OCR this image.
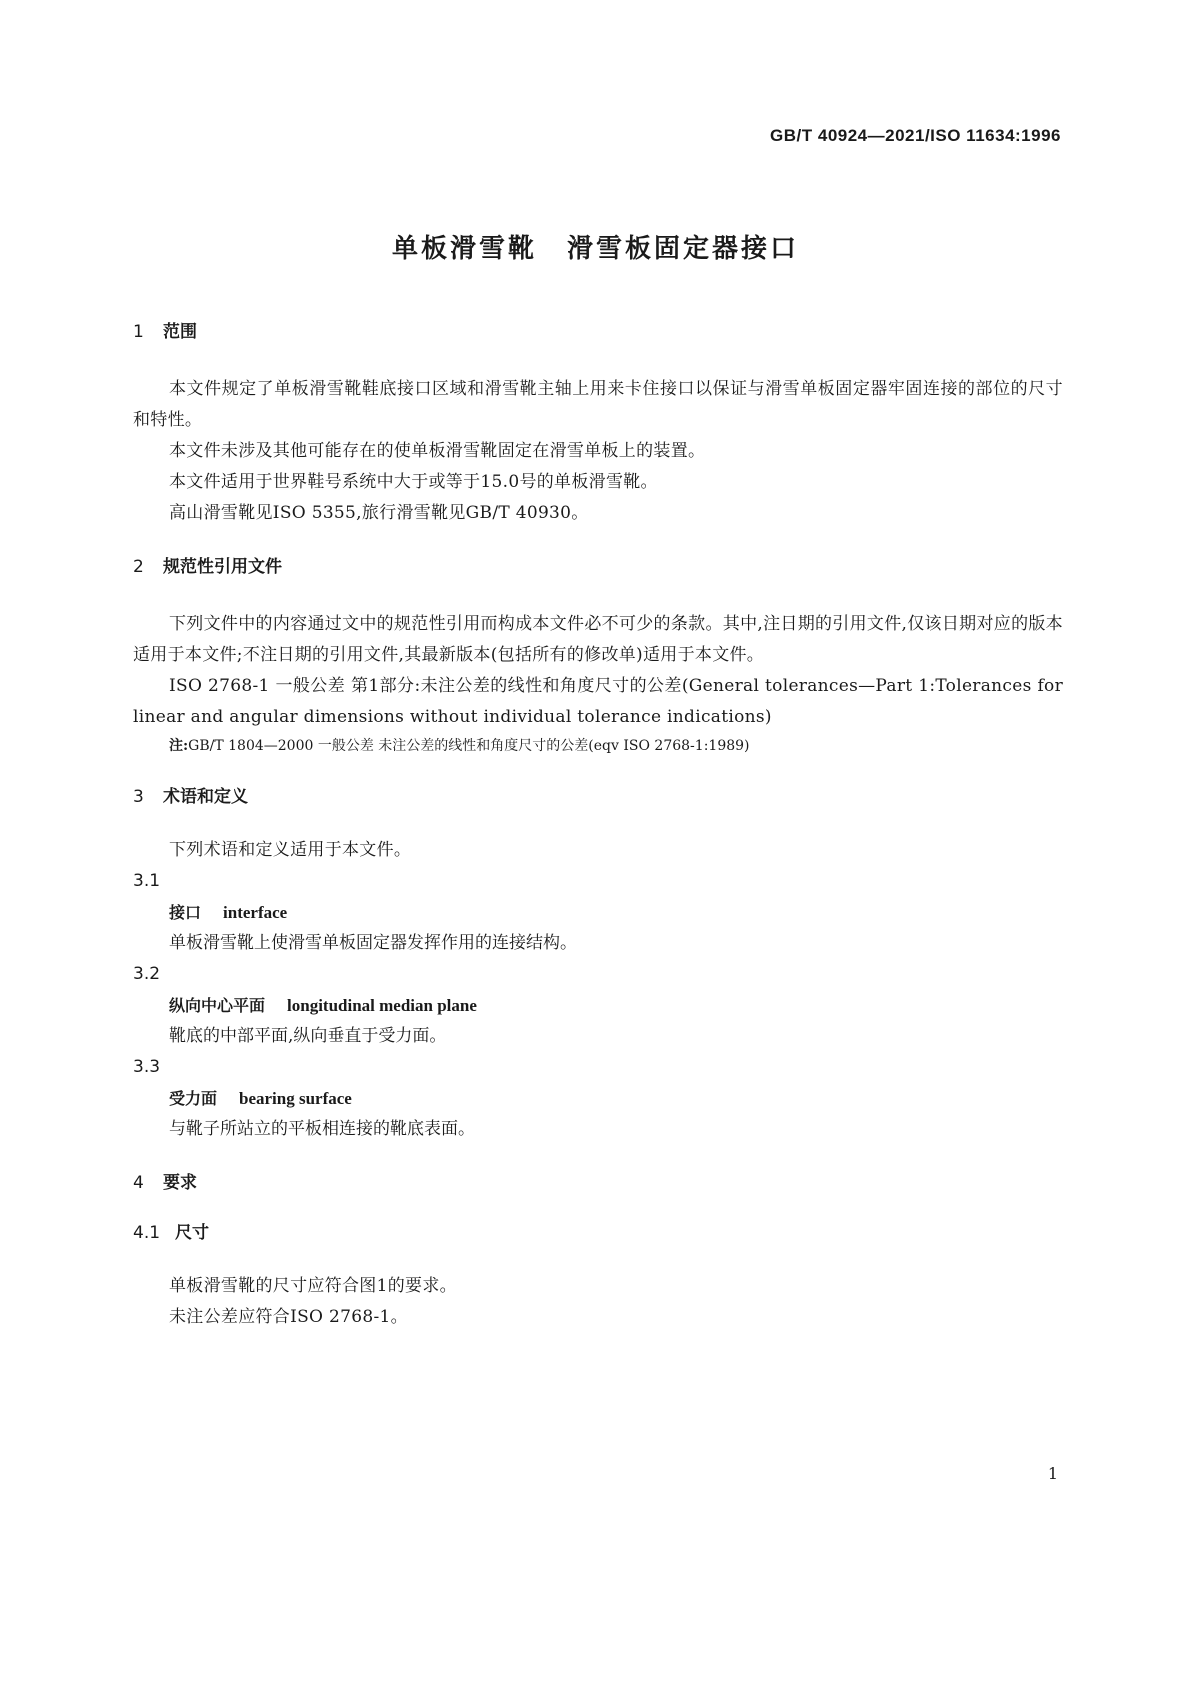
GB/T 40924—2021/ISO 11634:1996
单板滑雪靴 滑雪板固定器接口
1 范围
本文件规定了单板滑雪靴鞋底接口区域和滑雪靴主轴上用来卡住接口以保证与滑雪单板固定器牢固连接的部位的尺寸和特性。
本文件未涉及其他可能存在的使单板滑雪靴固定在滑雪单板上的装置。
本文件适用于世界鞋号系统中大于或等于15.0号的单板滑雪靴。
高山滑雪靴见ISO 5355,旅行滑雪靴见GB/T 40930。
2 规范性引用文件
下列文件中的内容通过文中的规范性引用而构成本文件必不可少的条款。其中,注日期的引用文件,仅该日期对应的版本适用于本文件;不注日期的引用文件,其最新版本(包括所有的修改单)适用于本文件。
ISO 2768-1 一般公差 第1部分:未注公差的线性和角度尺寸的公差(General tolerances—Part 1:Tolerances for linear and angular dimensions without individual tolerance indications)
注:GB/T 1804—2000 一般公差 未注公差的线性和角度尺寸的公差(eqv ISO 2768-1:1989)
3 术语和定义
下列术语和定义适用于本文件。
3.1
接口 interface
单板滑雪靴上使滑雪单板固定器发挥作用的连接结构。
3.2
纵向中心平面 longitudinal median plane
靴底的中部平面,纵向垂直于受力面。
3.3
受力面 bearing surface
与靴子所站立的平板相连接的靴底表面。
4 要求
4.1 尺寸
单板滑雪靴的尺寸应符合图1的要求。
未注公差应符合ISO 2768-1。
1
